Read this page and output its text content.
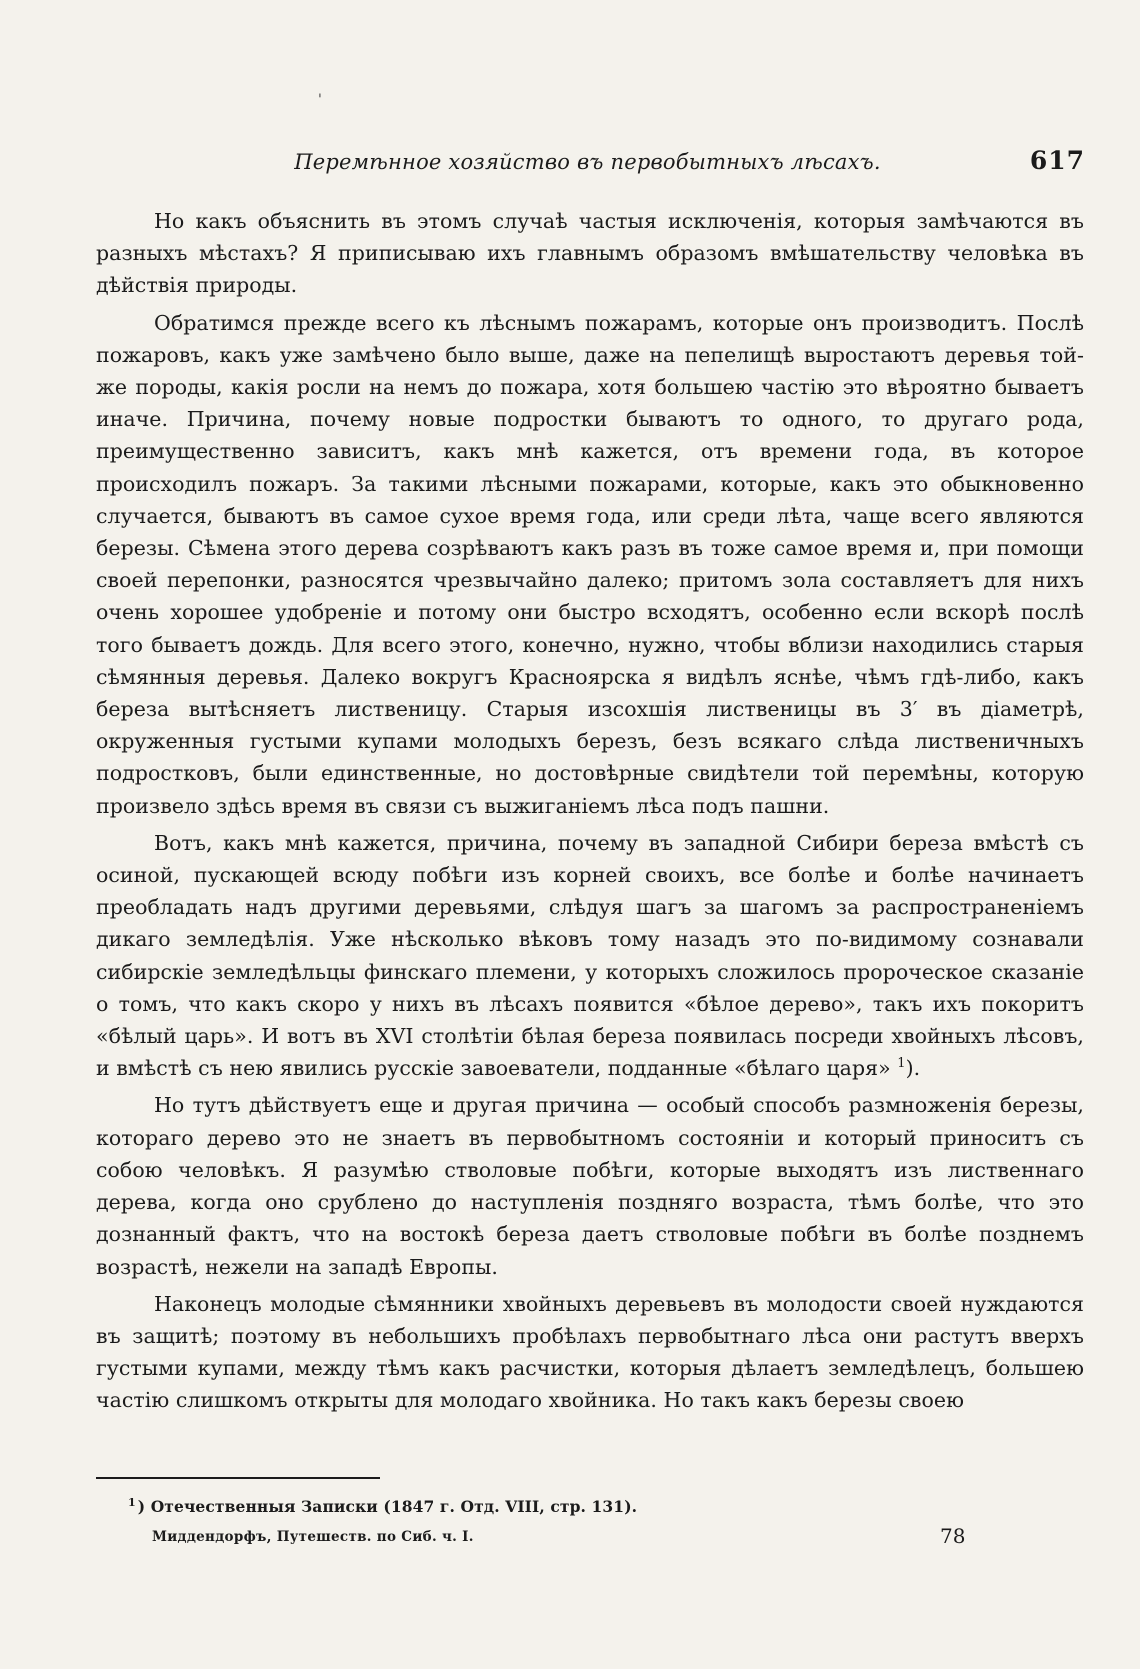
'
Перемѣнное хозяйство въ первобытныхъ лѣсахъ.	617

Но какъ объяснить въ этомъ случаѣ частыя исключенія, которыя замѣчаются въ разныхъ мѣстахъ? Я приписываю ихъ главнымъ образомъ вмѣшательству человѣка въ дѣйствія природы.

Обратимся прежде всего къ лѣснымъ пожарамъ, которые онъ производитъ. Послѣ пожаровъ, какъ уже замѣчено было выше, даже на пепелищѣ выростаютъ деревья той-же породы, какія росли на немъ до пожара, хотя большею частію это вѣроятно бываетъ иначе. Причина, почему новые подростки бываютъ то одного, то другаго рода, преимущественно зависитъ, какъ мнѣ кажется, отъ времени года, въ которое происходилъ пожаръ. За такими лѣсными пожарами, которые, какъ это обыкновенно случается, бываютъ въ самое сухое время года, или среди лѣта, чаще всего являются березы. Сѣмена этого дерева созрѣваютъ какъ разъ въ тоже самое время и, при помощи своей перепонки, разносятся чрезвычайно далеко; притомъ зола составляетъ для нихъ очень хорошее удобреніе и потому они быстро всходятъ, особенно если вскорѣ послѣ того бываетъ дождь. Для всего этого, конечно, нужно, чтобы вблизи находились старыя сѣмянныя деревья. Далеко вокругъ Красноярска я видѣлъ яснѣе, чѣмъ гдѣ-либо, какъ береза вытѣсняетъ лиственицу. Старыя изсохшія лиственицы въ 3′ въ діаметрѣ, окруженныя густыми купами молодыхъ березъ, безъ всякаго слѣда лиственичныхъ подростковъ, были единственные, но достовѣрные свидѣтели той перемѣны, которую произвело здѣсь время въ связи съ выжиганіемъ лѣса подъ пашни.

Вотъ, какъ мнѣ кажется, причина, почему въ западной Сибири береза вмѣстѣ съ осиной, пускающей всюду побѣги изъ корней своихъ, все болѣе и болѣе начинаетъ преобладать надъ другими деревьями, слѣдуя шагъ за шагомъ за распространеніемъ дикаго земледѣлія. Уже нѣсколько вѣковъ тому назадъ это по-видимому сознавали сибирскіе земледѣльцы финскаго племени, у которыхъ сложилось пророческое сказаніе о томъ, что какъ скоро у нихъ въ лѣсахъ появится «бѣлое дерево», такъ ихъ покоритъ «бѣлый царь». И вотъ въ XVI столѣтіи бѣлая береза появилась посреди хвойныхъ лѣсовъ, и вмѣстѣ съ нею явились русскіе завоеватели, подданные «бѣлаго царя» $^1$).

Но тутъ дѣйствуетъ еще и другая причина — особый способъ размноженія березы, котораго дерево это не знаетъ въ первобытномъ состояніи и который приноситъ съ собою человѣкъ. Я разумѣю стволовые побѣги, которые выходятъ изъ лиственнаго дерева, когда оно срублено до наступленія поздняго возраста, тѣмъ болѣе, что это дознанный фактъ, что на востокѣ береза даетъ стволовые побѣги въ болѣе позднемъ возрастѣ, нежели на западѣ Европы.

Наконецъ молодые сѣмянники хвойныхъ деревьевъ въ молодости своей нуждаются въ защитѣ; поэтому въ небольшихъ пробѣлахъ первобытнаго лѣса они растутъ вверхъ густыми купами, между тѣмъ какъ расчистки, которыя дѣлаетъ земледѣлецъ, большею частію слишкомъ открыты для молодаго хвойника. Но такъ какъ березы своею

$^1$ ) Отечественныя Записки (1847 г. Отд. VIII, стр. 131).
Миддендорфъ, Путешеств. по Сиб. ч. I.	78
